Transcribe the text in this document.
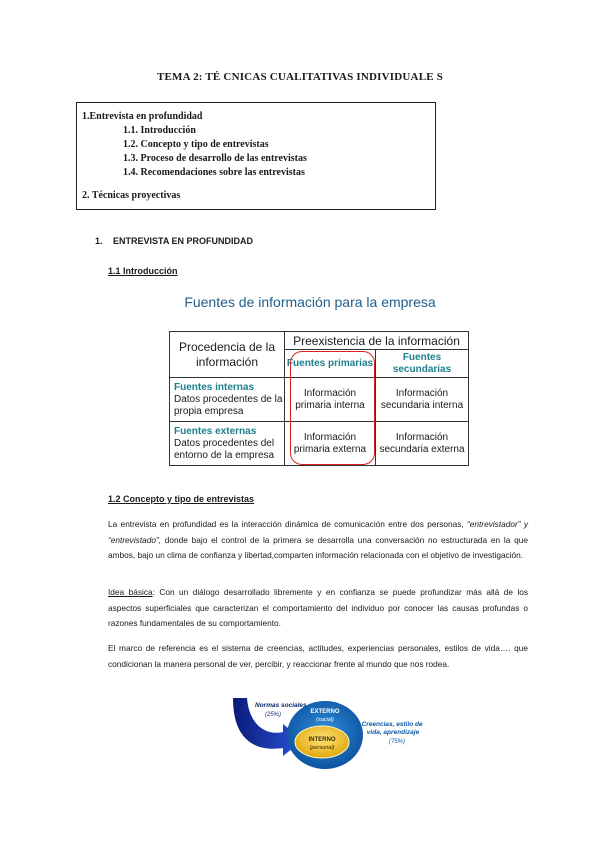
TEMA 2: TÉ CNICAS CUALITATIVAS INDIVIDUALE S
1.Entrevista en profundidad
1.1. Introducción
1.2. Concepto y tipo de entrevistas
1.3. Proceso de desarrollo de las entrevistas
1.4. Recomendaciones sobre las entrevistas
2. Técnicas proyectivas
1. ENTREVISTA EN PROFUNDIDAD
1.1 Introducción
Fuentes de información para la empresa
Procedencia de la información	Preexistencia de la información	
	Fuentes primarias	Fuentes secundarias

Fuentes internas
Datos procedentes de la propia empresa	Información primaria interna	Información secundaria interna

Fuentes externas
Datos procedentes del entorno de la empresa	Información primaria externa	Información secundaria externa
1.2 Concepto y tipo de entrevistas
La entrevista en profundidad es la interacción dinámica de comunicación entre dos personas, “entrevistador” y “entrevistado”, donde bajo el control de la primera se desarrolla una conversación no estructurada en la que ambos, bajo un clima de confianza y libertad,comparten información relacionada con el objetivo de investigación.
Idea básica: Con un diálogo desarrollado libremente y en confianza se puede profundizar más allá de los aspectos superficiales que caracterizan el comportamiento del individuo por conocer las causas profundas o razones fundamentales de su comportamiento.
El marco de referencia es el sistema de creencias, actitudes, experiencias personales, estilos de vida…. que condicionan la manera personal de ver, percibir, y reaccionar frente al mundo que nos rodea.
Normas sociales
(25%)	EXTERNO
(social)
INTERNO
(personal)
Creencias, estilo de vida, aprendizaje
(75%)
